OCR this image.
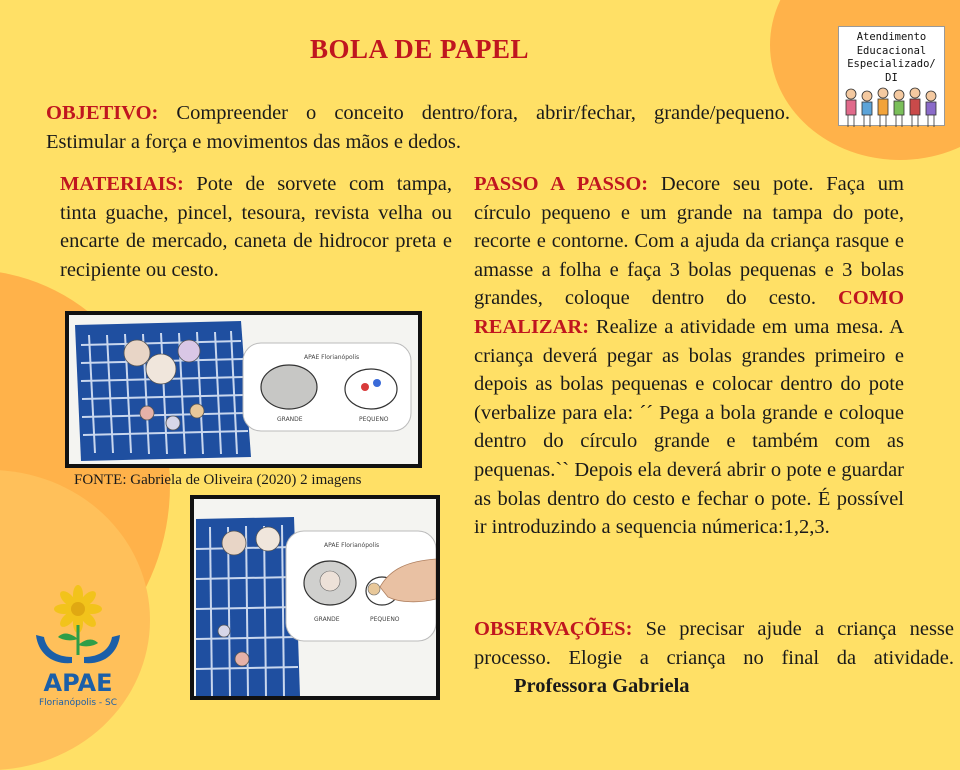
BOLA DE PAPEL	Atendimento
Educacional
Especializado/ DI
OBJETIVO: Compreender o conceito dentro/fora, abrir/fechar, grande/pequeno. Estimular a força e movimentos das mãos e dedos.
MATERIAIS: Pote de sorvete com tampa, tinta guache, pincel, tesoura, revista velha ou encarte de mercado, caneta de hidrocor preta e recipiente ou cesto.
PASSO A PASSO: Decore seu pote. Faça um círculo pequeno e um grande na tampa do pote, recorte e contorne. Com a ajuda da criança rasque e amasse a folha e faça 3 bolas pequenas e 3 bolas grandes, coloque dentro do cesto. COMO REALIZAR: Realize a atividade em uma mesa. A criança deverá pegar as bolas grandes primeiro e depois as bolas pequenas e colocar dentro do pote (verbalize para ela: ´´ Pega a bola grande e coloque dentro do círculo grande e também com as pequenas.`` Depois ela deverá abrir o pote e guardar as bolas dentro do cesto e fechar o pote. É possível ir introduzindo a sequencia númerica:1,2,3.
OBSERVAÇÕES: Se precisar ajude a criança nesse processo. Elogie a criança no final da atividade. Professora Gabriela
APAE Florianópolis
GRANDE	PEQUENO
FONTE: Gabriela de Oliveira (2020) 2 imagens
APAE Florianópolis
GRANDE	PEQUENO
APAE
Florianópolis - SC
